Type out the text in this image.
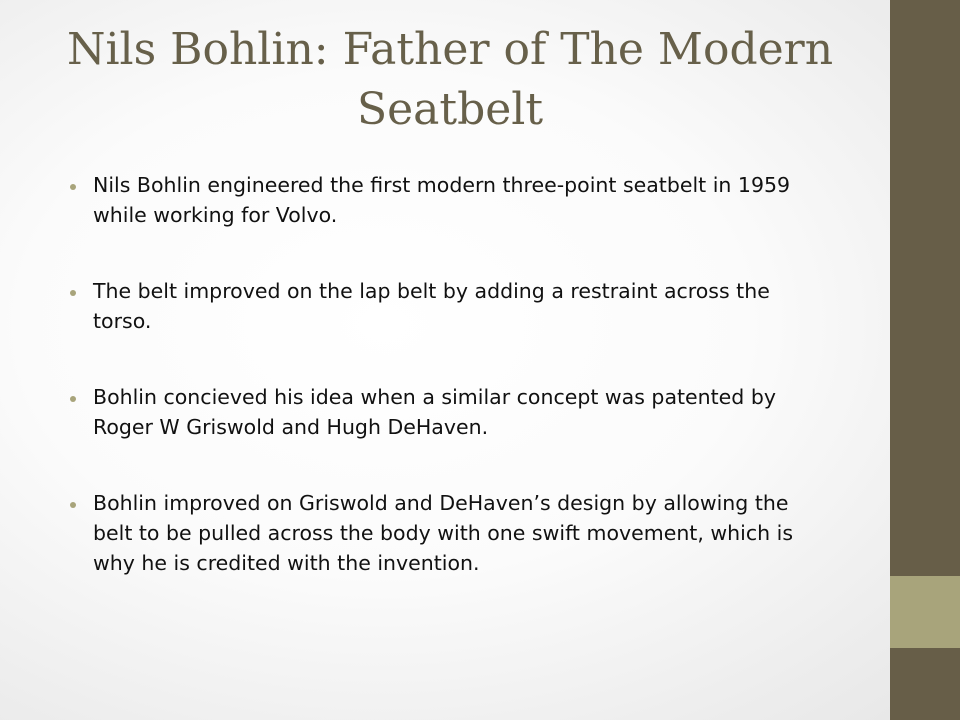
Nils Bohlin: Father of The Modern Seatbelt
Nils Bohlin engineered the first modern three-point seatbelt in 1959 while working for Volvo.
The belt improved on the lap belt by adding a restraint across the torso.
Bohlin concieved his idea when a similar concept was patented by Roger W Griswold and Hugh DeHaven.
Bohlin improved on Griswold and DeHaven’s design by allowing the belt to be pulled across the body with one swift movement, which is why he is credited with the invention.
